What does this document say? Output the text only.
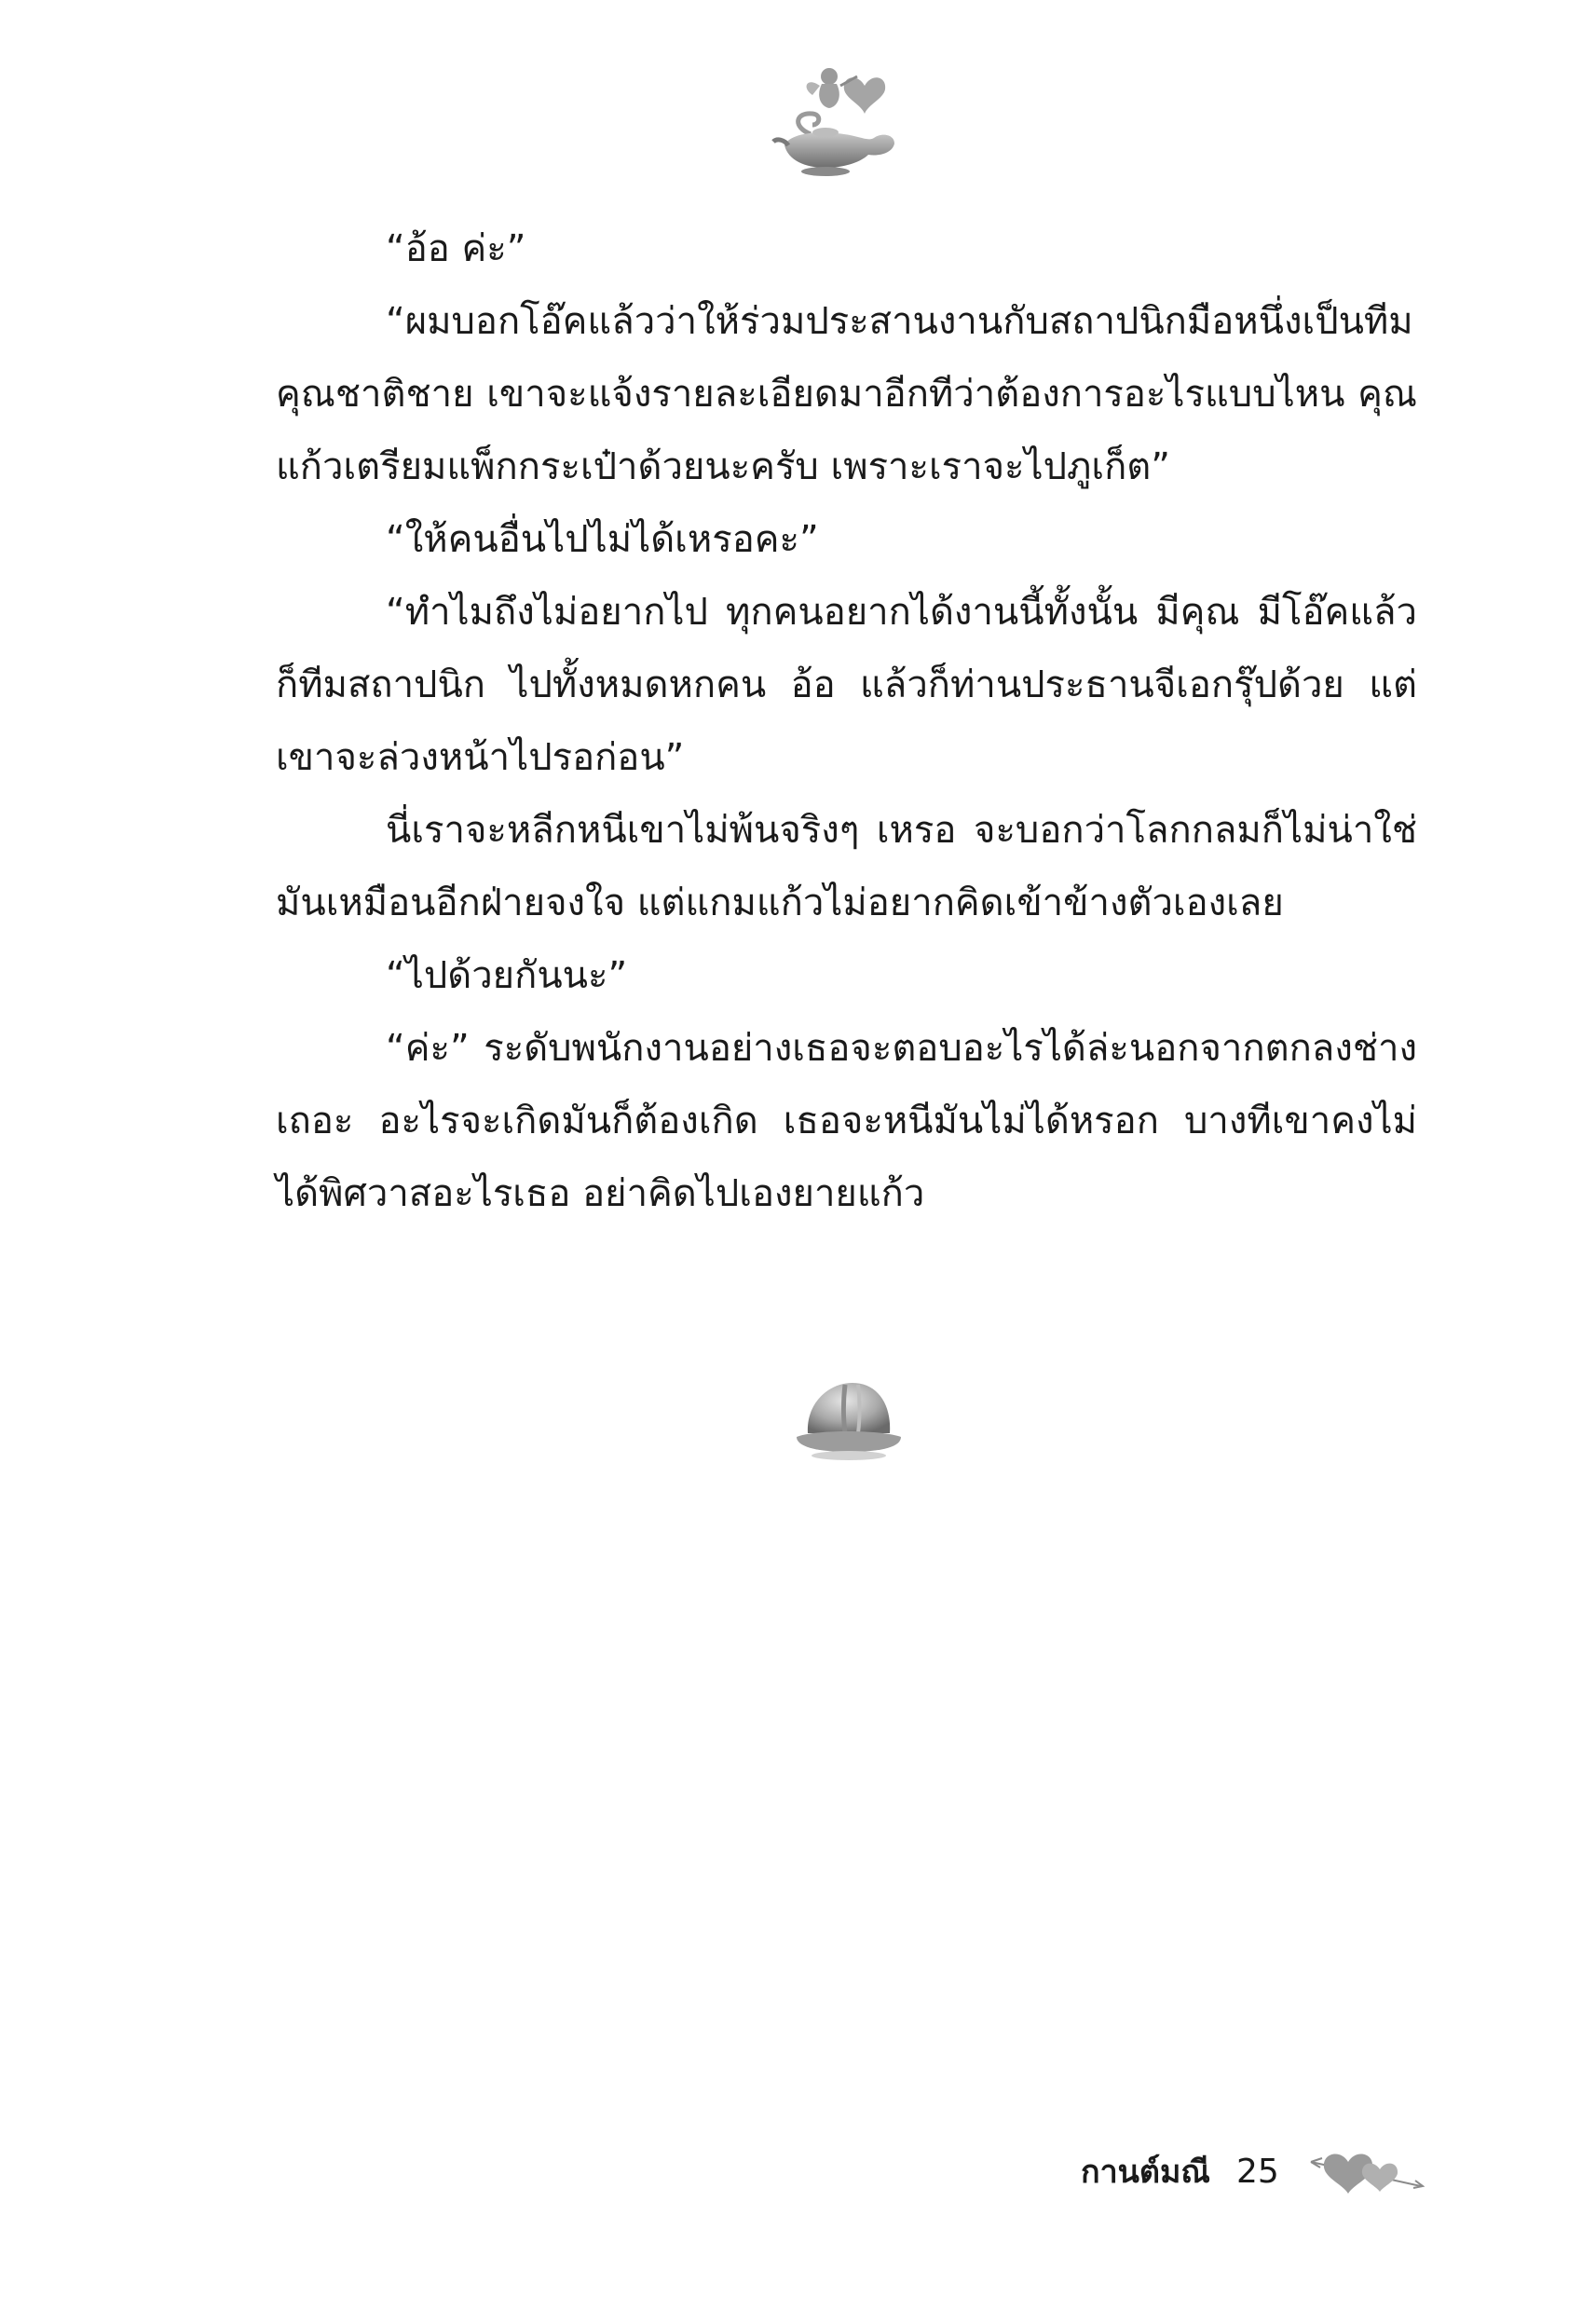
“อ้อ ค่ะ”

“ผมบอกโอ๊คแล้วว่าให้ร่วมประสานงานกับสถาปนิกมือหนึ่งเป็นทีมคุณชาติชาย เขาจะแจ้งรายละเอียดมาอีกทีว่าต้องการอะไรแบบไหน คุณแก้วเตรียมแพ็กกระเป๋าด้วยนะครับ เพราะเราจะไปภูเก็ต”

“ให้คนอื่นไปไม่ได้เหรอคะ”

“ทำไมถึงไม่อยากไป ทุกคนอยากได้งานนี้ทั้งนั้น มีคุณ มีโอ๊คแล้วก็ทีมสถาปนิก ไปทั้งหมดหกคน อ้อ แล้วก็ท่านประธานจีเอกรุ๊ปด้วย แต่เขาจะล่วงหน้าไปรอก่อน”

นี่เราจะหลีกหนีเขาไม่พ้นจริงๆ เหรอ จะบอกว่าโลกกลมก็ไม่น่าใช่ มันเหมือนอีกฝ่ายจงใจ แต่แกมแก้วไม่อยากคิดเข้าข้างตัวเองเลย

“ไปด้วยกันนะ”

“ค่ะ” ระดับพนักงานอย่างเธอจะตอบอะไรได้ล่ะนอกจากตกลงช่างเถอะ อะไรจะเกิดมันก็ต้องเกิด เธอจะหนีมันไม่ได้หรอก บางทีเขาคงไม่ได้พิศวาสอะไรเธอ อย่าคิดไปเองยายแก้ว

กานต์มณี 25
